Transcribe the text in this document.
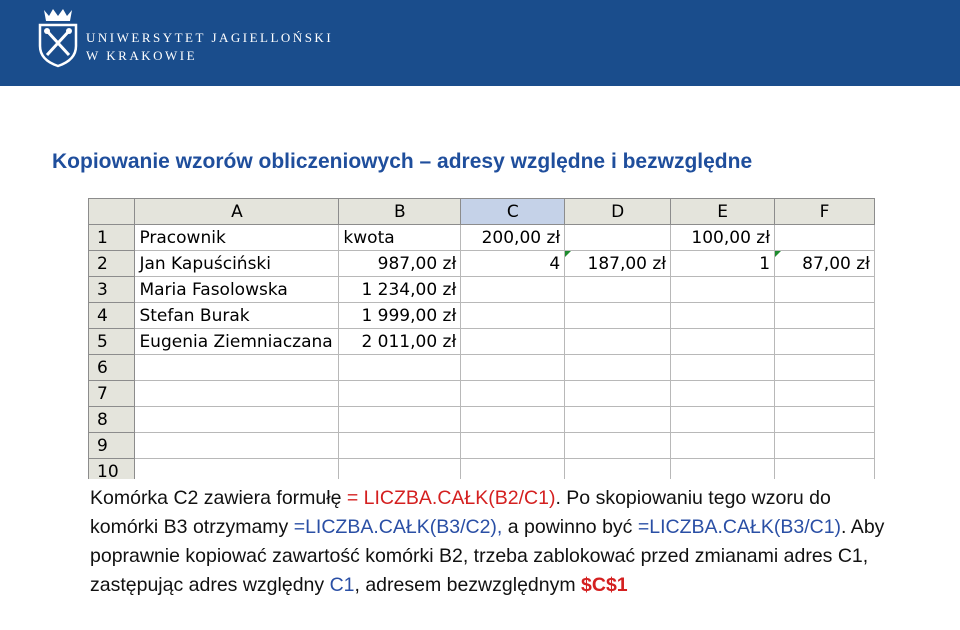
UNIWERSYTET JAGIELLOŃSKI
W KRAKOWIE
Kopiowanie wzorów obliczeniowych – adresy względne i bezwzględne
	A	B	C	D	E	F
1	Pracownik	kwota	200,00 zł		100,00 zł	
2	Jan Kapuściński	987,00 zł	4	187,00 zł	1	87,00 zł
3	Maria Fasolowska	1 234,00 zł				
4	Stefan Burak	1 999,00 zł				
5	Eugenia Ziemniaczana	2 011,00 zł				
6						
7						
8						
9						
10						
Komórka C2 zawiera formułę = LICZBA.CAŁK(B2/C1). Po skopiowaniu tego wzoru do komórki B3 otrzymamy =LICZBA.CAŁK(B3/C2), a powinno być =LICZBA.CAŁK(B3/C1). Aby poprawnie kopiować zawartość komórki B2, trzeba zablokować przed zmianami adres C1, zastępując adres względny C1, adresem bezwzględnym $C$1
